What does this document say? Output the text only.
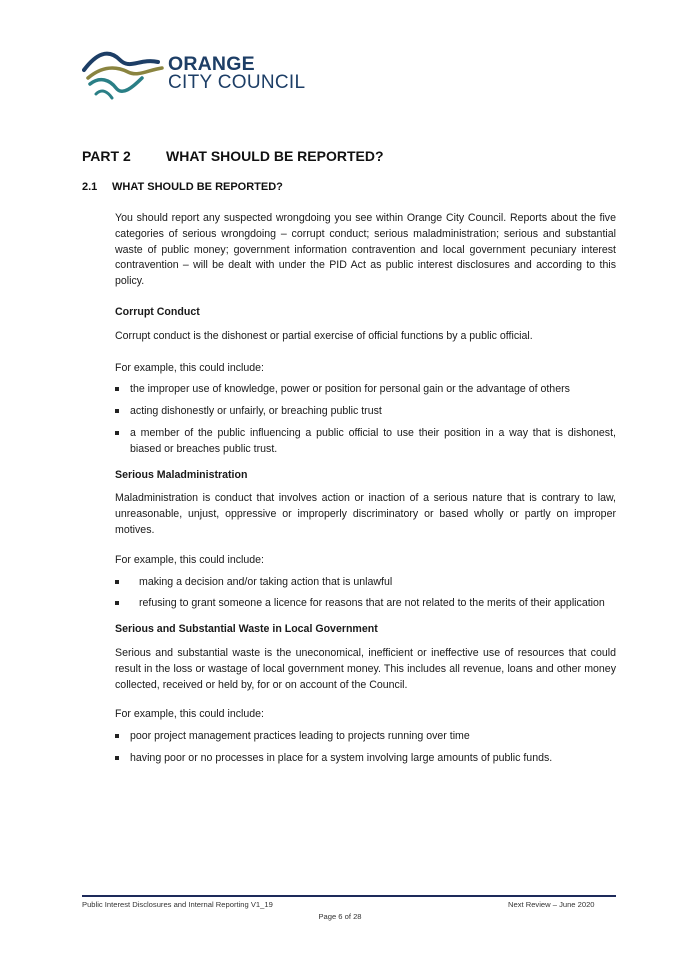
ORANGE
CITY COUNCIL
PART 2	WHAT SHOULD BE REPORTED?
2.1 WHAT SHOULD BE REPORTED?

You should report any suspected wrongdoing you see within Orange City Council. Reports about the five categories of serious wrongdoing – corrupt conduct; serious maladministration; serious and substantial waste of public money; government information contravention and local government pecuniary interest contravention – will be dealt with under the PID Act as public interest disclosures and according to this policy.

Corrupt Conduct

Corrupt conduct is the dishonest or partial exercise of official functions by a public official.

For example, this could include:

the improper use of knowledge, power or position for personal gain or the advantage of others
acting dishonestly or unfairly, or breaching public trust
a member of the public influencing a public official to use their position in a way that is dishonest, biased or breaches public trust.

Serious Maladministration

Maladministration is conduct that involves action or inaction of a serious nature that is contrary to law, unreasonable, unjust, oppressive or improperly discriminatory or based wholly or partly on improper motives.

For example, this could include:

making a decision and/or taking action that is unlawful
refusing to grant someone a licence for reasons that are not related to the merits of their application

Serious and Substantial Waste in Local Government

Serious and substantial waste is the uneconomical, inefficient or ineffective use of resources that could result in the loss or wastage of local government money. This includes all revenue, loans and other money collected, received or held by, for or on account of the Council.

For example, this could include:

poor project management practices leading to projects running over time
having poor or no processes in place for a system involving large amounts of public funds.
Public Interest Disclosures and Internal Reporting V1_19	Next Review – June 2020
Page 6 of 28
